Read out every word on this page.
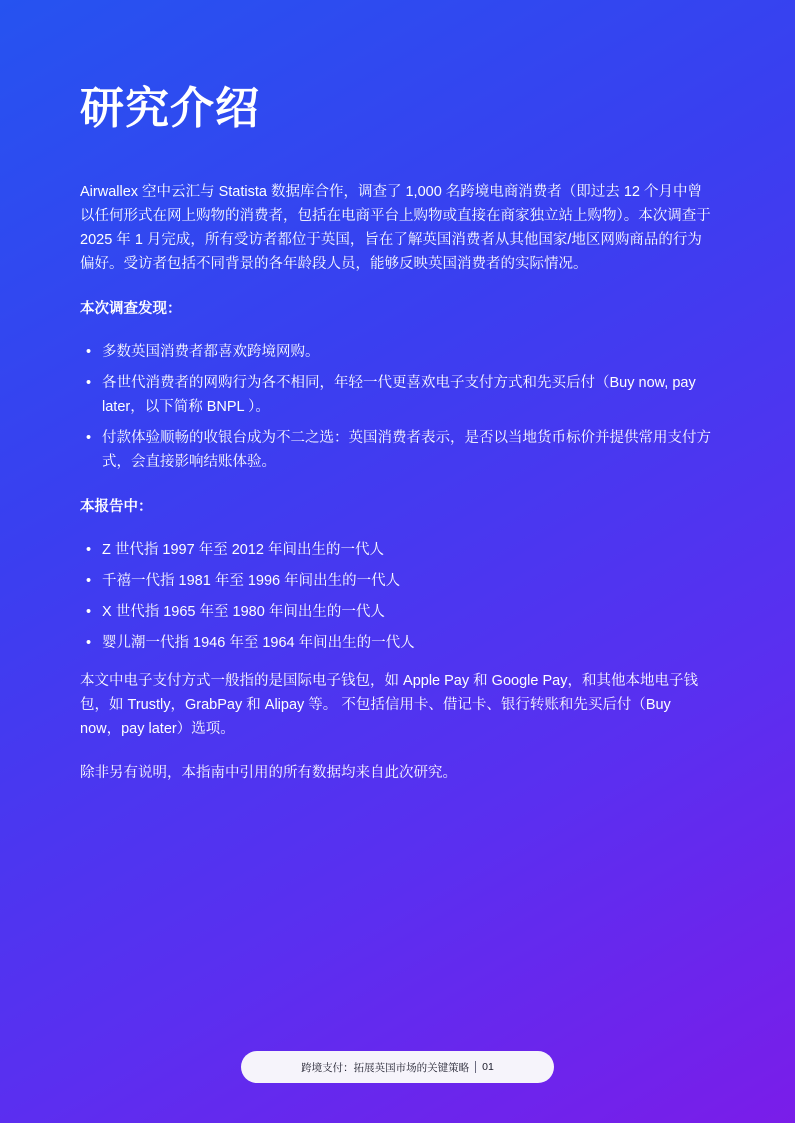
研究介绍

Airwallex 空中云汇与 Statista 数据库合作，调查了 1,000 名跨境电商消费者（即过去 12 个月中曾以任何形式在网上购物的消费者，包括在电商平台上购物或直接在商家独立站上购物）。本次调查于 2025 年 1 月完成，所有受访者都位于英国，旨在了解英国消费者从其他国家/地区网购商品的行为偏好。受访者包括不同背景的各年龄段人员，能够反映英国消费者的实际情况。

本次调查发现：

• 多数英国消费者都喜欢跨境网购。
• 各世代消费者的网购行为各不相同，年轻一代更喜欢电子支付方式和先买后付（Buy now, pay later，以下简称 BNPL ）。
• 付款体验顺畅的收银台成为不二之选：英国消费者表示，是否以当地货币标价并提供常用支付方式，会直接影响结账体验。

本报告中：

• Z 世代指 1997 年至 2012 年间出生的一代人
• 千禧一代指 1981 年至 1996 年间出生的一代人
• X 世代指 1965 年至 1980 年间出生的一代人
• 婴儿潮一代指 1946 年至 1964 年间出生的一代人

本文中电子支付方式一般指的是国际电子钱包，如 Apple Pay 和 Google Pay，和其他本地电子钱包，如 Trustly，GrabPay 和 Alipay 等。 不包括信用卡、借记卡、银行转账和先买后付（Buy now，pay later）选项。

除非另有说明，本指南中引用的所有数据均来自此次研究。

跨境支付：拓展英国市场的关键策略 01
